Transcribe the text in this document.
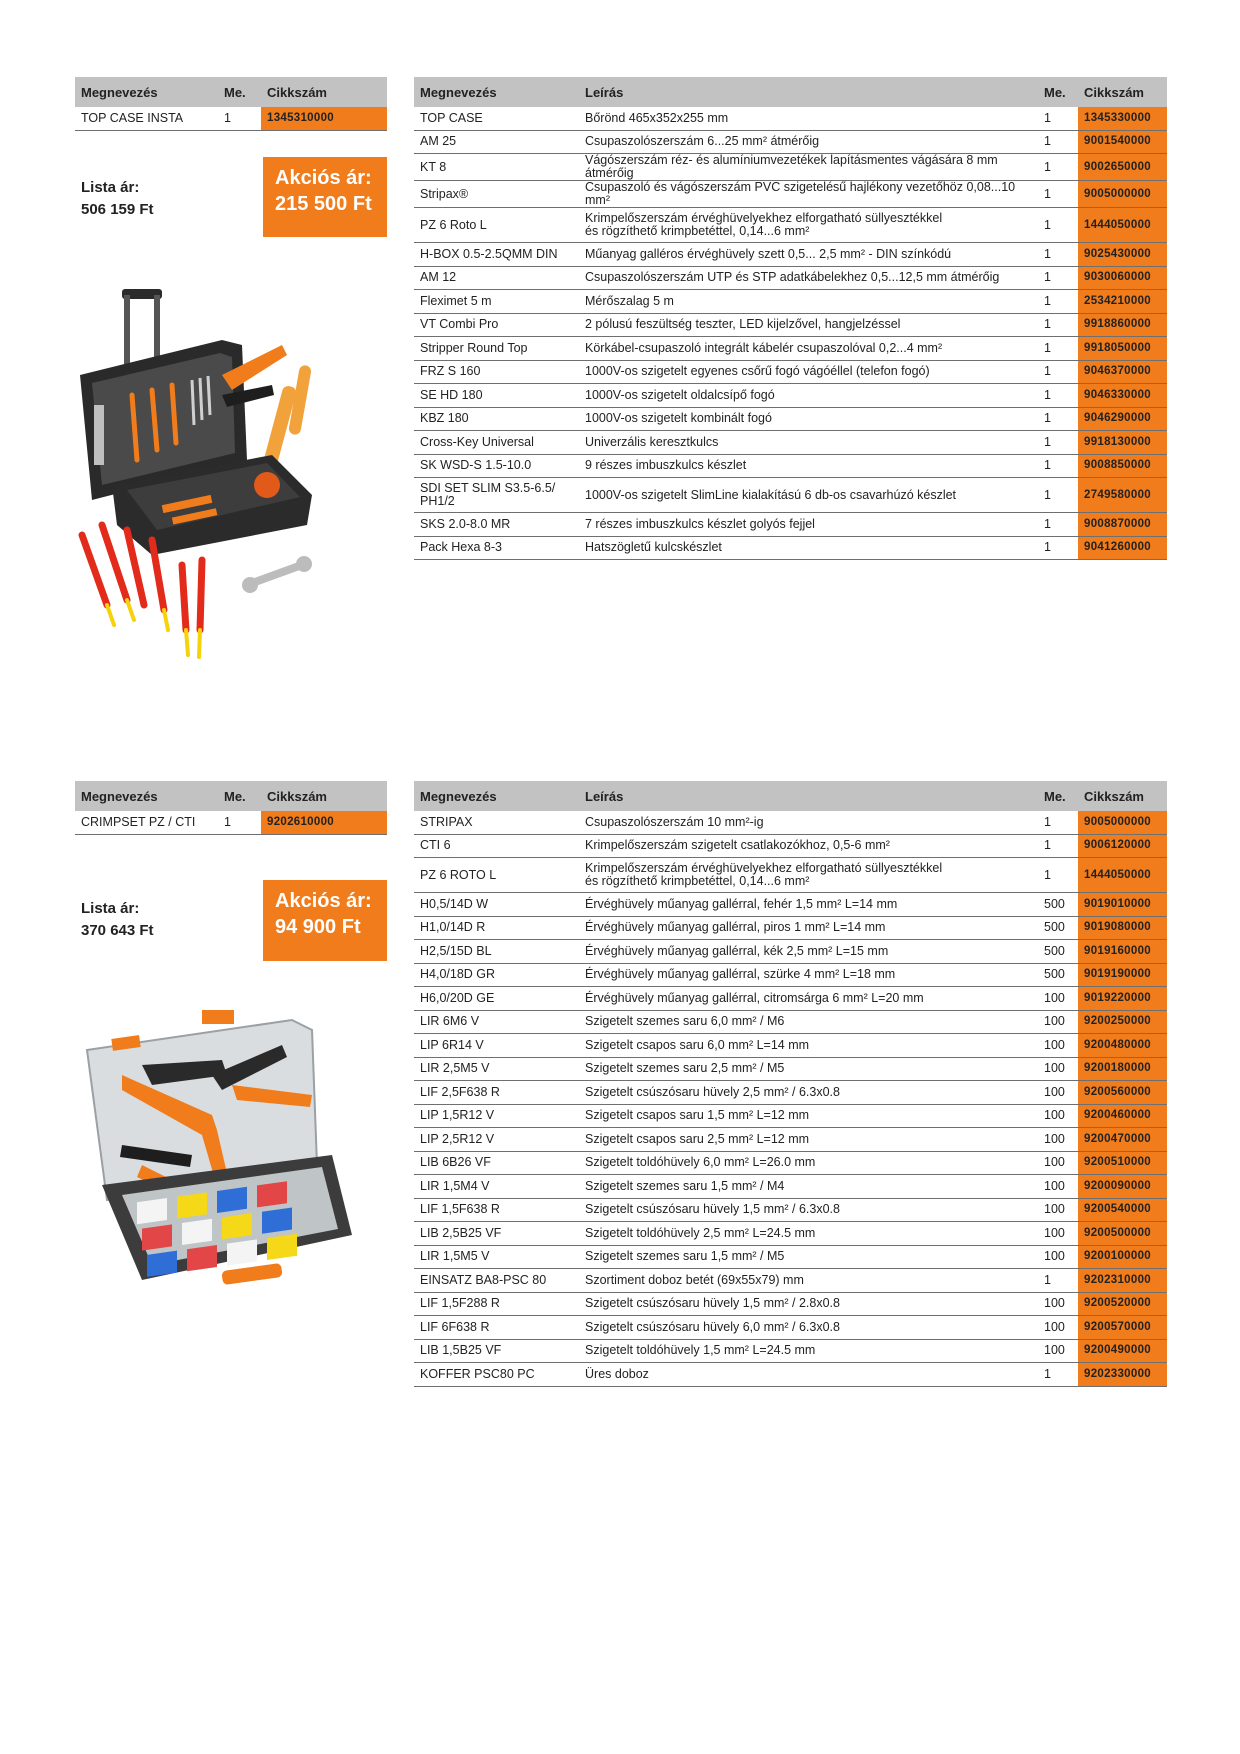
Megnevezés	Me.	Cikkszám
TOP CASE INSTA	1	1345310000
Lista ár:
506 159 Ft
Akciós ár:
215 500 Ft
Megnevezés	Leírás	Me.	Cikkszám

TOP CASE	Bőrönd 465x352x255 mm	1	1345330000

AM 25	Csupaszolószerszám 6...25 mm² átmérőig	1	9001540000

KT 8	Vágószerszám réz- és alumíniumvezetékek lapításmentes vágására 8 mm átmérőig	1	9002650000

Stripax®	Csupaszoló és vágószerszám PVC szigetelésű hajlékony vezetőhöz 0,08...10 mm²	1	9005000000

PZ 6 Roto L	Krimpelőszerszám érvéghüvelyekhez elforgatható süllyesztékkel
és rögzíthető krimpbetéttel, 0,14...6 mm²	1	1444050000

H-BOX 0.5-2.5QMM DIN	Műanyag galléros érvéghüvely szett 0,5... 2,5 mm² - DIN színkódú	1	9025430000

AM 12	Csupaszolószerszám UTP és STP adatkábelekhez 0,5...12,5 mm átmérőig	1	9030060000

Fleximet 5 m	Mérőszalag 5 m	1	2534210000

VT Combi Pro	2 pólusú feszültség teszter, LED kijelzővel, hangjelzéssel	1	9918860000

Stripper Round Top	Körkábel-csupaszoló integrált kábelér csupaszolóval 0,2...4 mm²	1	9918050000

FRZ S 160	1000V-os szigetelt egyenes csőrű fogó vágóéllel (telefon fogó)	1	9046370000

SE HD 180	1000V-os szigetelt oldalcsípő fogó	1	9046330000

KBZ 180	1000V-os szigetelt kombinált fogó	1	9046290000

Cross-Key Universal	Univerzális keresztkulcs	1	9918130000

SK WSD-S 1.5-10.0	9 részes imbuszkulcs készlet	1	9008850000

SDI SET SLIM S3.5-6.5/
PH1/2	1000V-os szigetelt SlimLine kialakítású 6 db-os csavarhúzó készlet	1	2749580000

SKS 2.0-8.0 MR	7 részes imbuszkulcs készlet golyós fejjel	1	9008870000

Pack Hexa 8-3	Hatszögletű kulcskészlet	1	9041260000
Megnevezés	Me.	Cikkszám
CRIMPSET PZ / CTI	1	9202610000
Lista ár:
370 643 Ft
Akciós ár:
94 900 Ft
Megnevezés	Leírás	Me.	Cikkszám

STRIPAX	Csupaszolószerszám 10 mm²-ig	1	9005000000

CTI 6	Krimpelőszerszám szigetelt csatlakozókhoz, 0,5-6 mm²	1	9006120000

PZ 6 ROTO L	Krimpelőszerszám érvéghüvelyekhez elforgatható süllyesztékkel
és rögzíthető krimpbetéttel, 0,14...6 mm²	1	1444050000

H0,5/14D W	Érvéghüvely műanyag gallérral, fehér 1,5 mm² L=14 mm	500	9019010000

H1,0/14D R	Érvéghüvely műanyag gallérral, piros 1 mm² L=14 mm	500	9019080000

H2,5/15D BL	Érvéghüvely műanyag gallérral, kék 2,5 mm² L=15 mm	500	9019160000

H4,0/18D GR	Érvéghüvely műanyag gallérral, szürke 4 mm² L=18 mm	500	9019190000

H6,0/20D GE	Érvéghüvely műanyag gallérral, citromsárga 6 mm² L=20 mm	100	9019220000

LIR 6M6 V	Szigetelt szemes saru 6,0 mm² / M6	100	9200250000

LIP 6R14 V	Szigetelt csapos saru 6,0 mm² L=14 mm	100	9200480000

LIR 2,5M5 V	Szigetelt szemes saru 2,5 mm² / M5	100	9200180000

LIF 2,5F638 R	Szigetelt csúszósaru hüvely 2,5 mm² / 6.3x0.8	100	9200560000

LIP 1,5R12 V	Szigetelt csapos saru 1,5 mm² L=12 mm	100	9200460000

LIP 2,5R12 V	Szigetelt csapos saru 2,5 mm² L=12 mm	100	9200470000

LIB 6B26 VF	Szigetelt toldóhüvely 6,0 mm² L=26.0 mm	100	9200510000

LIR 1,5M4 V	Szigetelt szemes saru 1,5 mm² / M4	100	9200090000

LIF 1,5F638 R	Szigetelt csúszósaru hüvely 1,5 mm² / 6.3x0.8	100	9200540000

LIB 2,5B25 VF	Szigetelt toldóhüvely 2,5 mm² L=24.5 mm	100	9200500000

LIR 1,5M5 V	Szigetelt szemes saru 1,5 mm² / M5	100	9200100000

EINSATZ BA8-PSC 80	Szortiment doboz betét (69x55x79) mm	1	9202310000

LIF 1,5F288 R	Szigetelt csúszósaru hüvely 1,5 mm² / 2.8x0.8	100	9200520000

LIF 6F638 R	Szigetelt csúszósaru hüvely 6,0 mm² / 6.3x0.8	100	9200570000

LIB 1,5B25 VF	Szigetelt toldóhüvely 1,5 mm² L=24.5 mm	100	9200490000

KOFFER PSC80 PC	Üres doboz	1	9202330000
